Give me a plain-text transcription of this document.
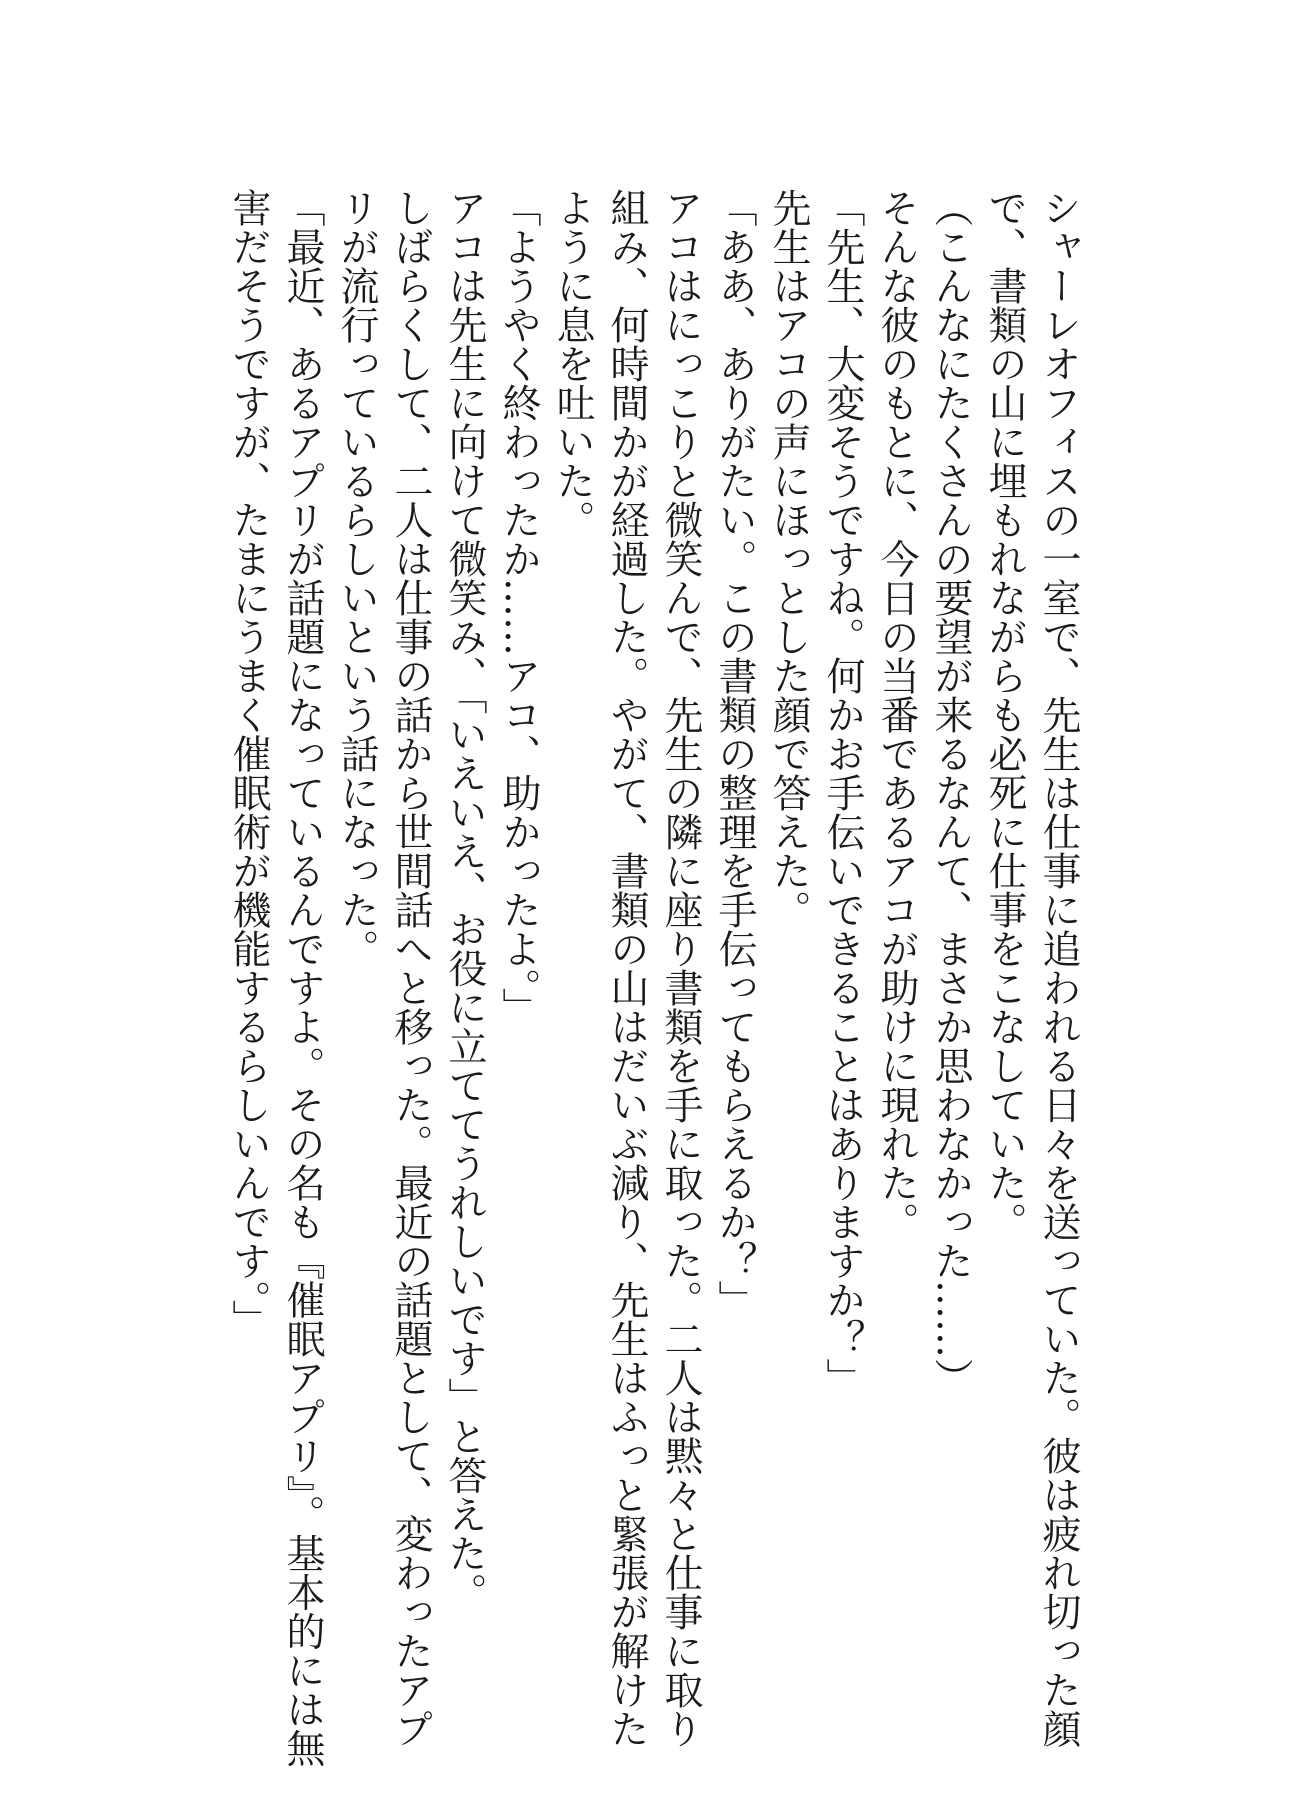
シャーレオフィスの一室で、先生は仕事に追われる日々を送っていた。彼は疲れ切った顔
で、書類の山に埋もれながらも必死に仕事をこなしていた。
（こんなにたくさんの要望が来るなんて、まさか思わなかった……）
そんな彼のもとに、今日の当番であるアコが助けに現れた。
「先生、大変そうですね。何かお手伝いできることはありますか？」
先生はアコの声にほっとした顔で答えた。
「ああ、ありがたい。この書類の整理を手伝ってもらえるか？」
アコはにっこりと微笑んで、先生の隣に座り書類を手に取った。二人は黙々と仕事に取り
組み、何時間かが経過した。やがて、書類の山はだいぶ減り、先生はふっと緊張が解けた
ように息を吐いた。
「ようやく終わったか……アコ、助かったよ。」
アコは先生に向けて微笑み、「いえいえ、お役に立ててうれしいです」と答えた。
しばらくして、二人は仕事の話から世間話へと移った。最近の話題として、変わったアプ
リが流行っているらしいという話になった。
「最近、あるアプリが話題になっているんですよ。その名も『催眠アプリ』。基本的には無
害だそうですが、たまにうまく催眠術が機能するらしいんです。」
